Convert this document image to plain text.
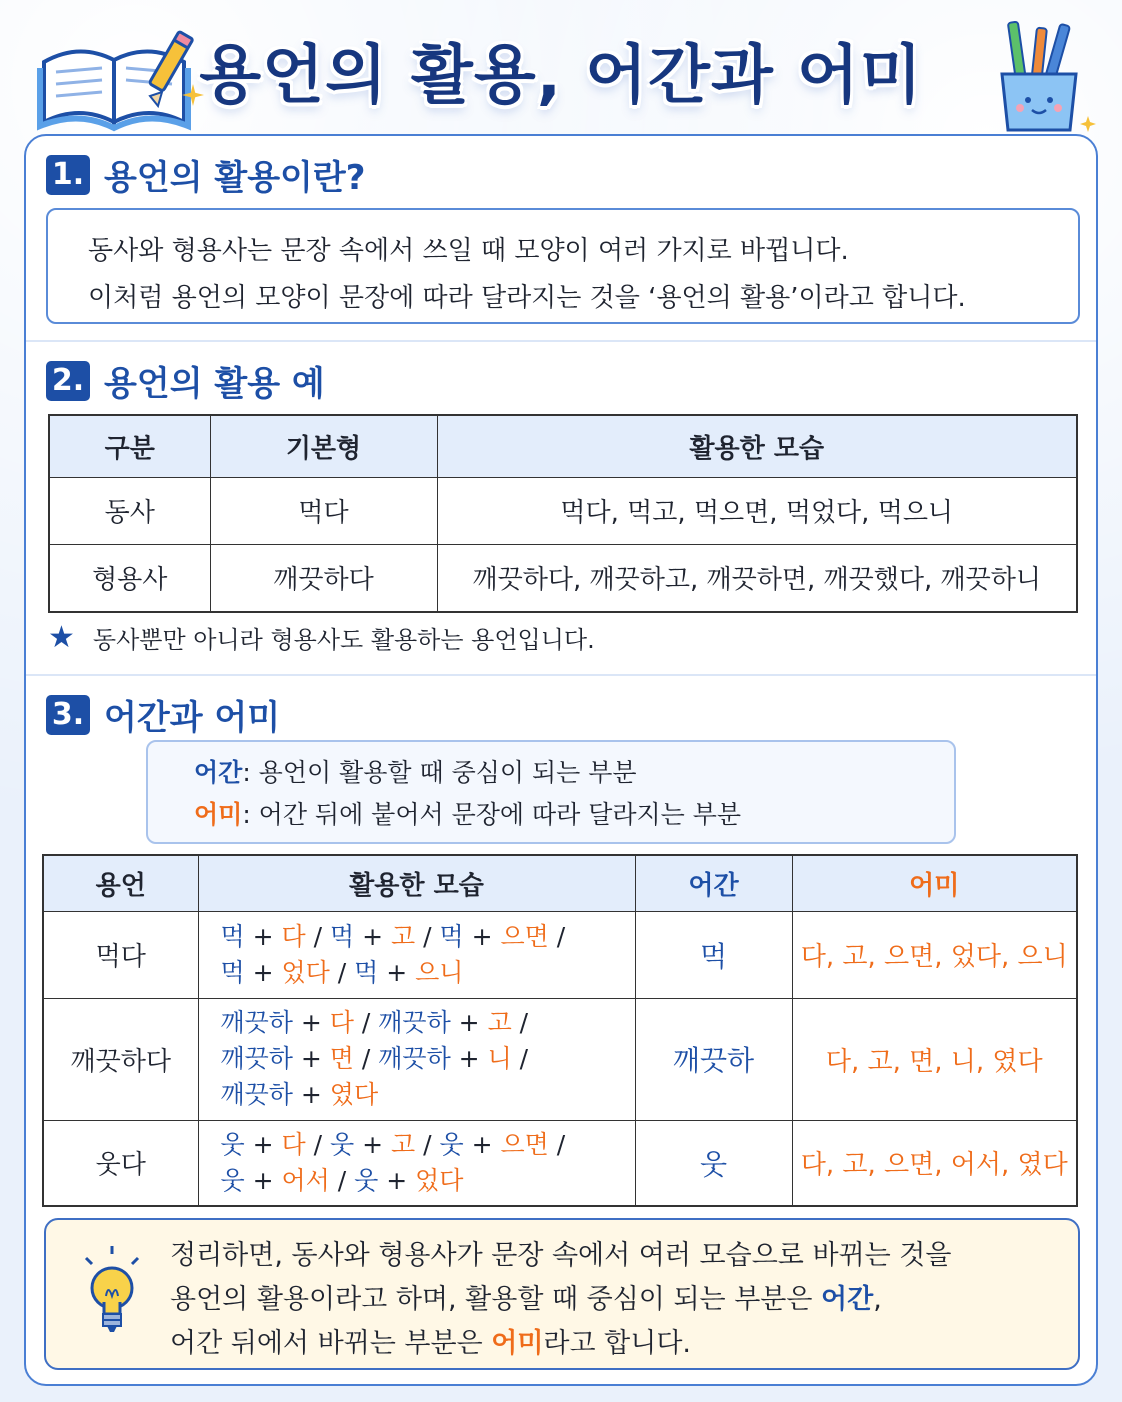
용언의 활용, 어간과 어미
1. 용언의 활용이란?
동사와 형용사는 문장 속에서 쓰일 때 모양이 여러 가지로 바뀝니다.
이처럼 용언의 모양이 문장에 따라 달라지는 것을 ‘용언의 활용’이라고 합니다.
2. 용언의 활용 예
구분	기본형	활용한 모습
동사	먹다	먹다, 먹고, 먹으면, 먹었다, 먹으니
형용사	깨끗하다	깨끗하다, 깨끗하고, 깨끗하면, 깨끗했다, 깨끗하니
★ 동사뿐만 아니라 형용사도 활용하는 용언입니다.
3. 어간과 어미
어간: 용언이 활용할 때 중심이 되는 부분
어미: 어간 뒤에 붙어서 문장에 따라 달라지는 부분
용언	활용한 모습	어간	어미
먹다	먹 + 다 / 먹 + 고 / 먹 + 으면 /
먹 + 었다 / 먹 + 으니	먹	다, 고, 으면, 었다, 으니
깨끗하다	깨끗하 + 다 / 깨끗하 + 고 /
깨끗하 + 면 / 깨끗하 + 니 /
깨끗하 + 였다	깨끗하	다, 고, 면, 니, 였다
웃다	웃 + 다 / 웃 + 고 / 웃 + 으면 /
웃 + 어서 / 웃 + 었다	웃	다, 고, 으면, 어서, 였다
정리하면, 동사와 형용사가 문장 속에서 여러 모습으로 바뀌는 것을
용언의 활용이라고 하며, 활용할 때 중심이 되는 부분은 어간,
어간 뒤에서 바뀌는 부분은 어미라고 합니다.
